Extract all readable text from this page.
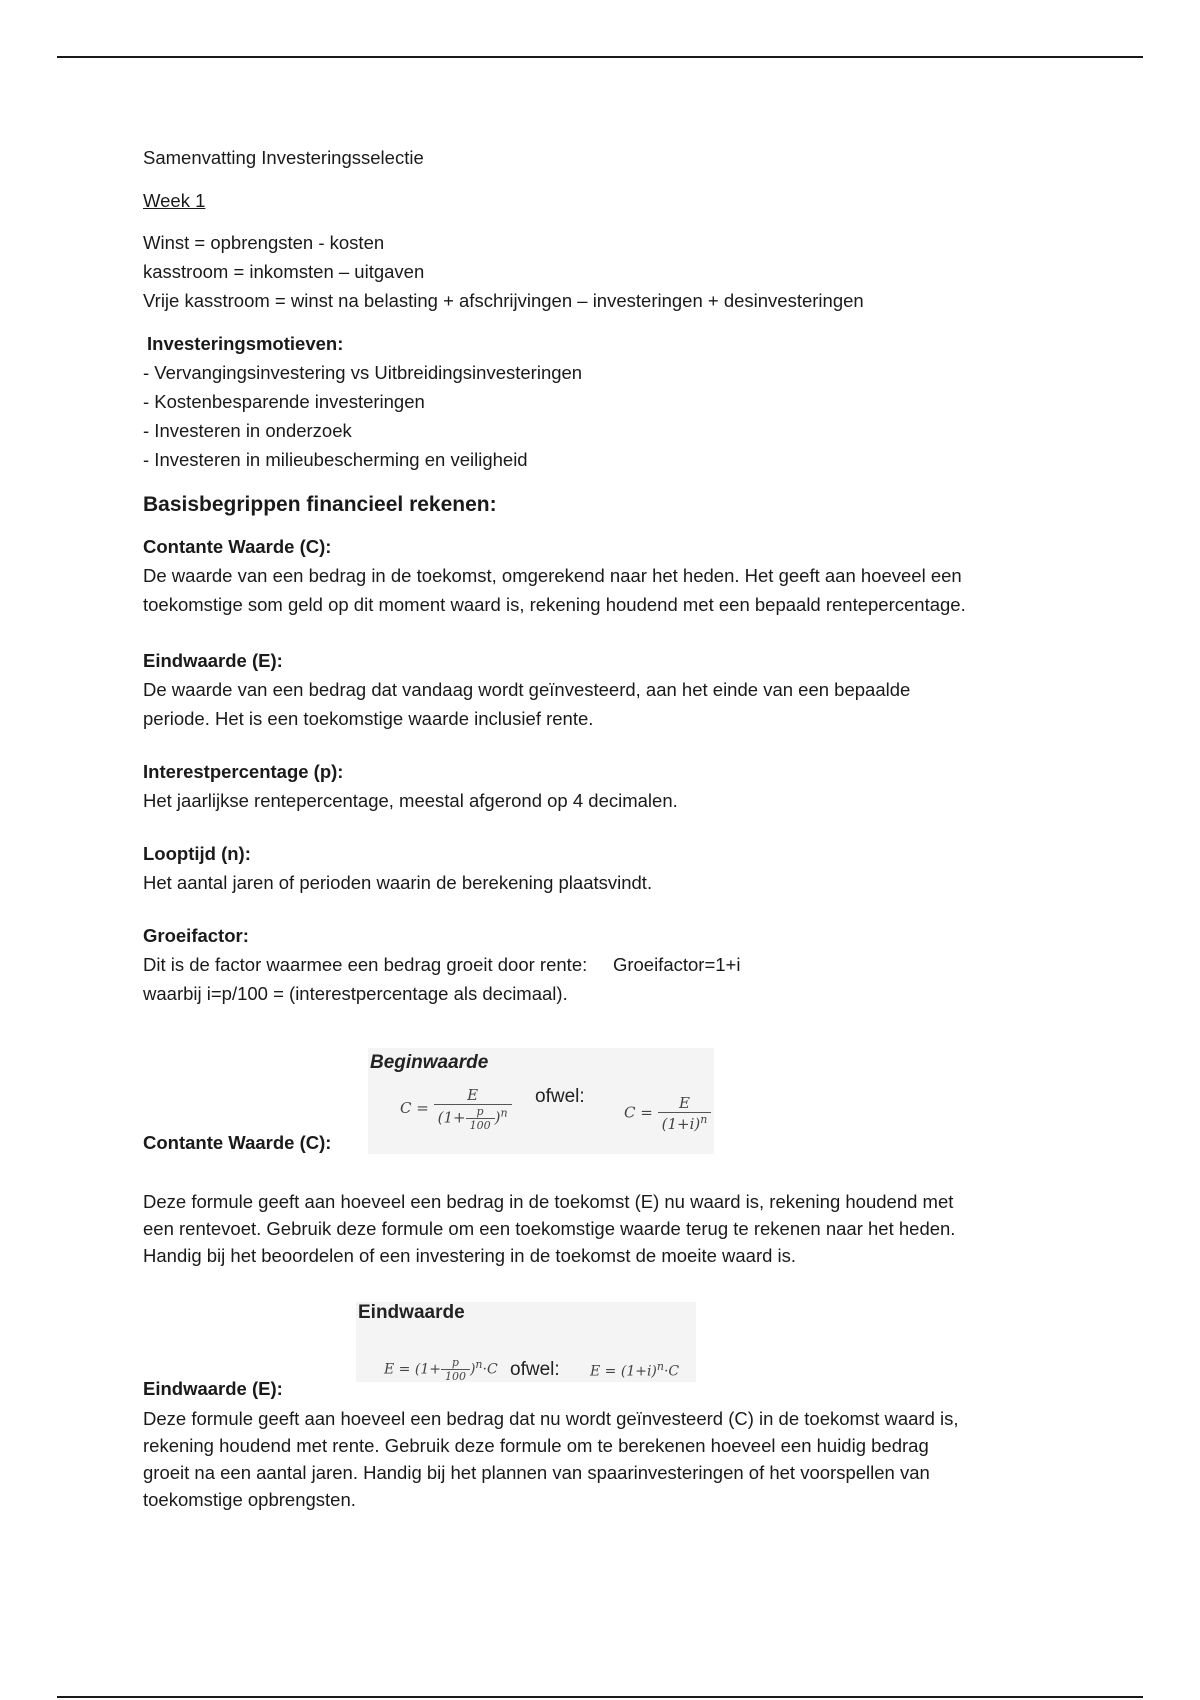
Samenvatting Investeringsselectie

Week 1

Winst = opbrengsten - kosten

kasstroom = inkomsten – uitgaven

Vrije kasstroom = winst na belasting + afschrijvingen – investeringen + desinvesteringen

Investeringsmotieven:

- Vervangingsinvestering vs Uitbreidingsinvesteringen

- Kostenbesparende investeringen

- Investeren in onderzoek

- Investeren in milieubescherming en veiligheid

Basisbegrippen financieel rekenen:

Contante Waarde (C):

De waarde van een bedrag in de toekomst, omgerekend naar het heden. Het geeft aan hoeveel een

toekomstige som geld op dit moment waard is, rekening houdend met een bepaald rentepercentage.

Eindwaarde (E):

De waarde van een bedrag dat vandaag wordt geïnvesteerd, aan het einde van een bepaalde

periode. Het is een toekomstige waarde inclusief rente.

Interestpercentage (p):

Het jaarlijkse rentepercentage, meestal afgerond op 4 decimalen.

Looptijd (n):

Het aantal jaren of perioden waarin de berekening plaatsvindt.

Groeifactor:

Dit is de factor waarmee een bedrag groeit door rente:     Groeifactor=1+i

waarbij i=p/100 = (interestpercentage als decimaal).

Beginwaarde
$C = \frac{E}{(1+ \frac{p}{100} )^n}$ ofwel:
$C = \frac{E}{(1+i)^n}$
Contante Waarde (C):

Deze formule geeft aan hoeveel een bedrag in de toekomst (E) nu waard is, rekening houdend met

een rentevoet. Gebruik deze formule om een toekomstige waarde terug te rekenen naar het heden.

Handig bij het beoordelen of een investering in de toekomst de moeite waard is.

Eindwaarde
$E = (1+ \frac{p}{100} )^n\cdot C$ ofwel: $E = (1+i)^n\cdot C$
Eindwaarde (E):

Deze formule geeft aan hoeveel een bedrag dat nu wordt geïnvesteerd (C) in de toekomst waard is,

rekening houdend met rente. Gebruik deze formule om te berekenen hoeveel een huidig bedrag

groeit na een aantal jaren. Handig bij het plannen van spaarinvesteringen of het voorspellen van

toekomstige opbrengsten.
